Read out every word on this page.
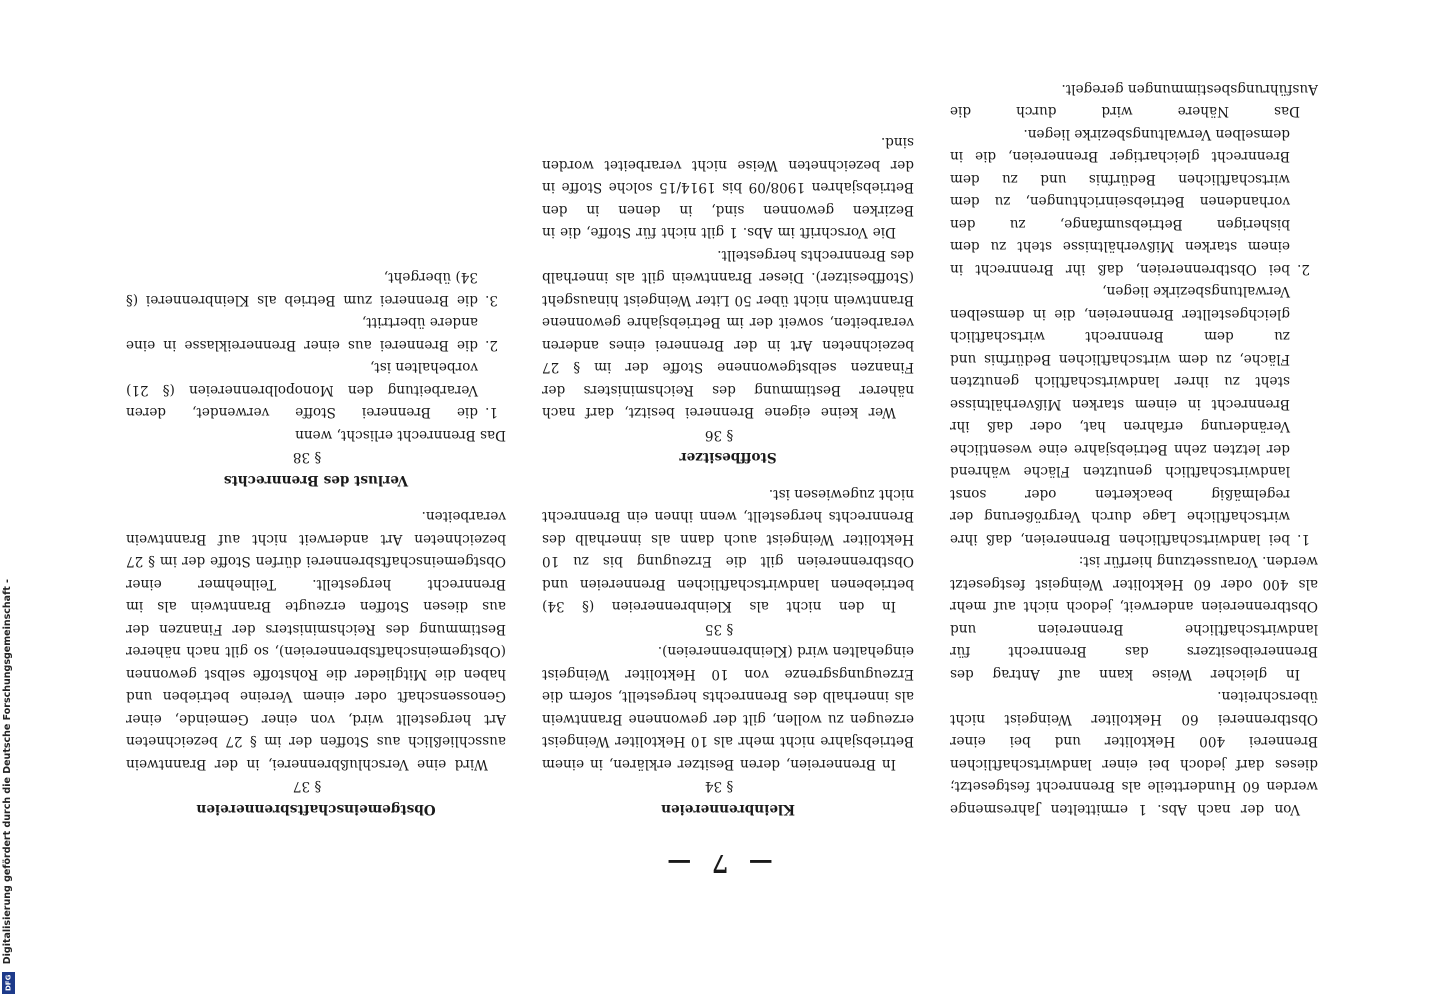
— 7 —

Von der nach Abs. 1 ermittelten Jahresmenge werden 60 Hundertteile als Brennrecht festgesetzt; dieses darf jedoch bei einer landwirtschaftlichen Brennerei 400 Hektoliter und bei einer Obstbrennerei 60 Hektoliter Weingeist nicht überschreiten.

In gleicher Weise kann auf Antrag des Brennereibesitzers das Brennrecht für landwirtschaftliche Brennereien und Obstbrennereien anderweit, jedoch nicht auf mehr als 400 oder 60 Hektoliter Weingeist festgesetzt werden. Voraussetzung hierfür ist:

1.
bei landwirtschaftlichen Brennereien, daß ihre wirtschaftliche Lage durch Vergrößerung der regelmäßig beackerten oder sonst landwirtschaftlich genutzten Fläche während der letzten zehn Betriebsjahre eine wesentliche Veränderung erfahren hat, oder daß ihr Brennrecht in einem starken Mißverhältnisse steht zu ihrer landwirtschaftlich genutzten Fläche, zu dem wirtschaftlichen Bedürfnis und zu dem Brennrecht wirtschaftlich gleichgestellter Brennereien, die in demselben Verwaltungsbezirke liegen,
2.
bei Obstbrennereien, daß ihr Brennrecht in einem starken Mißverhältnisse steht zu dem bisherigen Betriebsumfange, zu den vorhandenen Betriebseinrichtungen, zu dem wirtschaftlichen Bedürfnis und zu dem Brennrecht gleichartiger Brennereien, die in demselben Verwaltungsbezirke liegen.

Das Nähere wird durch die Ausführungsbestimmungen geregelt.

Kleinbrennereien

§ 34

In Brennereien, deren Besitzer erklären, in einem Betriebsjahre nicht mehr als 10 Hektoliter Weingeist erzeugen zu wollen, gilt der gewonnene Branntwein als innerhalb des Brennrechts hergestellt, sofern die Erzeugungsgrenze von 10 Hektoliter Weingeist eingehalten wird (Kleinbrennereien).

§ 35

In den nicht als Kleinbrennereien (§ 34) betriebenen landwirtschaftlichen Brennereien und Obstbrennereien gilt die Erzeugung bis zu 10 Hektoliter Weingeist auch dann als innerhalb des Brennrechts hergestellt, wenn ihnen ein Brennrecht nicht zugewiesen ist.

Stoffbesitzer

§ 36

Wer keine eigene Brennerei besitzt, darf nach näherer Bestimmung des Reichsministers der Finanzen selbstgewonnene Stoffe der im § 27 bezeichneten Art in der Brennerei eines anderen verarbeiten, soweit der im Betriebsjahre gewonnene Branntwein nicht über 50 Liter Weingeist hinausgeht (Stoffbesitzer). Dieser Branntwein gilt als innerhalb des Brennrechts hergestellt.

Die Vorschrift im Abs. 1 gilt nicht für Stoffe, die in Bezirken gewonnen sind, in denen in den Betriebsjahren 1908/09 bis 1914/15 solche Stoffe in der bezeichneten Weise nicht verarbeitet worden sind.

Obstgemeinschaftsbrennereien

§ 37

Wird eine Verschlußbrennerei, in der Branntwein ausschließlich aus Stoffen der im § 27 bezeichneten Art hergestellt wird, von einer Gemeinde, einer Genossenschaft oder einem Vereine betrieben und haben die Mitglieder die Rohstoffe selbst gewonnen (Obstgemeinschaftsbrennereien), so gilt nach näherer Bestimmung des Reichsministers der Finanzen der aus diesen Stoffen erzeugte Branntwein als im Brennrecht hergestellt. Teilnehmer einer Obstgemeinschaftsbrennerei dürfen Stoffe der im § 27 bezeichneten Art anderweit nicht auf Branntwein verarbeiten.

Verlust des Brennrechts

§ 38

Das Brennrecht erlischt, wenn

1.
die Brennerei Stoffe verwendet, deren Verarbeitung den Monopolbrennereien (§ 21) vorbehalten ist,
2.
die Brennerei aus einer Brennereiklasse in eine andere übertritt,
3.
die Brennerei zum Betrieb als Kleinbrennerei (§ 34) übergeht,
Digitalisierung gefördert durch die Deutsche Forschungsgemeinschaft -
DFG
